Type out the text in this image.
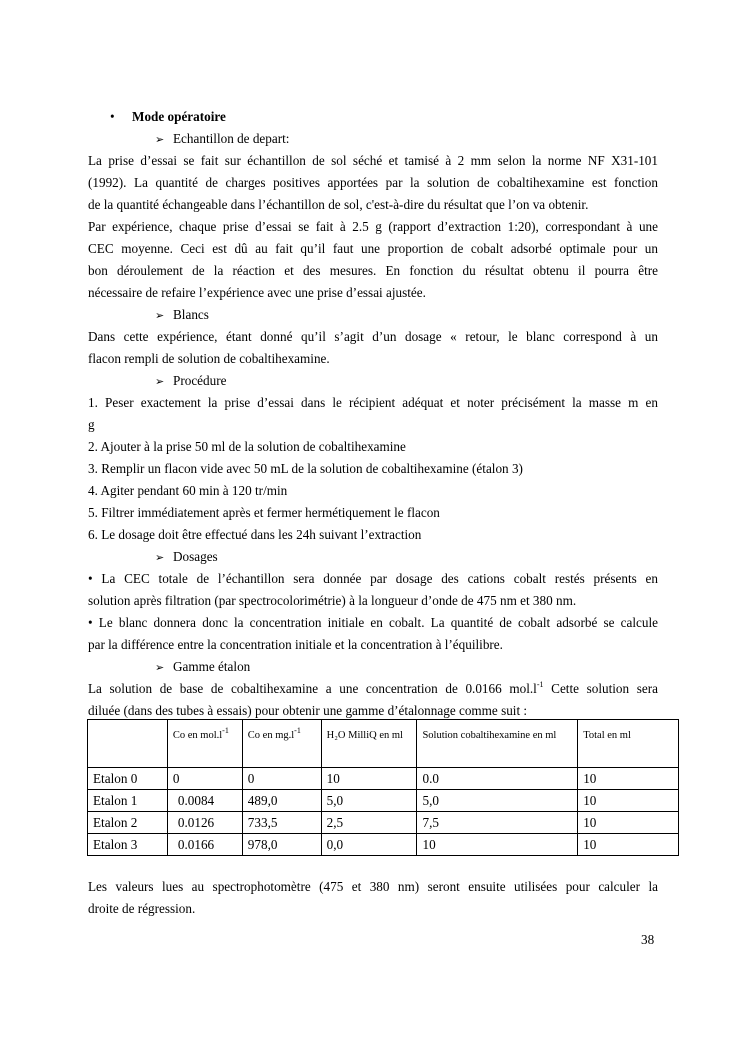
• Mode opératoire
➢ Echantillon de depart:
La prise d’essai se fait sur échantillon de sol séché et tamisé à 2 mm selon la norme NF X31-101
(1992). La quantité de charges positives apportées par la solution de cobaltihexamine est fonction
de la quantité échangeable dans l’échantillon de sol, c'est-à-dire du résultat que l’on va obtenir.
Par expérience, chaque prise d’essai se fait à 2.5 g (rapport d’extraction 1:20), correspondant à une
CEC moyenne. Ceci est dû au fait qu’il faut une proportion de cobalt adsorbé optimale pour un
bon déroulement de la réaction et des mesures. En fonction du résultat obtenu il pourra être
nécessaire de refaire l’expérience avec une prise d’essai ajustée.
➢ Blancs
Dans cette expérience, étant donné qu’il s’agit d’un dosage « retour, le blanc correspond à un
flacon rempli de solution de cobaltihexamine.
➢ Procédure
1. Peser exactement la prise d’essai dans le récipient adéquat et noter précisément la masse m en
g
2. Ajouter à la prise 50 ml de la solution de cobaltihexamine
3. Remplir un flacon vide avec 50 mL de la solution de cobaltihexamine (étalon 3)
4. Agiter pendant 60 min à 120 tr/min
5. Filtrer immédiatement après et fermer hermétiquement le flacon
6. Le dosage doit être effectué dans les 24h suivant l’extraction
➢ Dosages
• La CEC totale de l’échantillon sera donnée par dosage des cations cobalt restés présents en
solution après filtration (par spectrocolorimétrie) à la longueur d’onde de 475 nm et 380 nm.
• Le blanc donnera donc la concentration initiale en cobalt. La quantité de cobalt adsorbé se calcule
par la différence entre la concentration initiale et la concentration à l’équilibre.
➢ Gamme étalon
La solution de base de cobaltihexamine a une concentration de 0.0166 $mol.l^{-1}$ Cette solution sera
diluée (dans des tubes à essais) pour obtenir une gamme d’étalonnage comme suit :
	Co en $mol.l^{-1}$	Co en $mg.l^{-1}$	H₂O MilliQ en ml	Solution cobaltihexamine en ml	Total en ml
Etalon 0	0	0	10	0.0	10
Etalon 1	0.0084	489,0	5,0	5,0	10
Etalon 2	0.0126	733,5	2,5	7,5	10
Etalon 3	0.0166	978,0	0,0	10	10
Les valeurs lues au spectrophotomètre (475 et 380 nm) seront ensuite utilisées pour calculer la
droite de régression.
38
